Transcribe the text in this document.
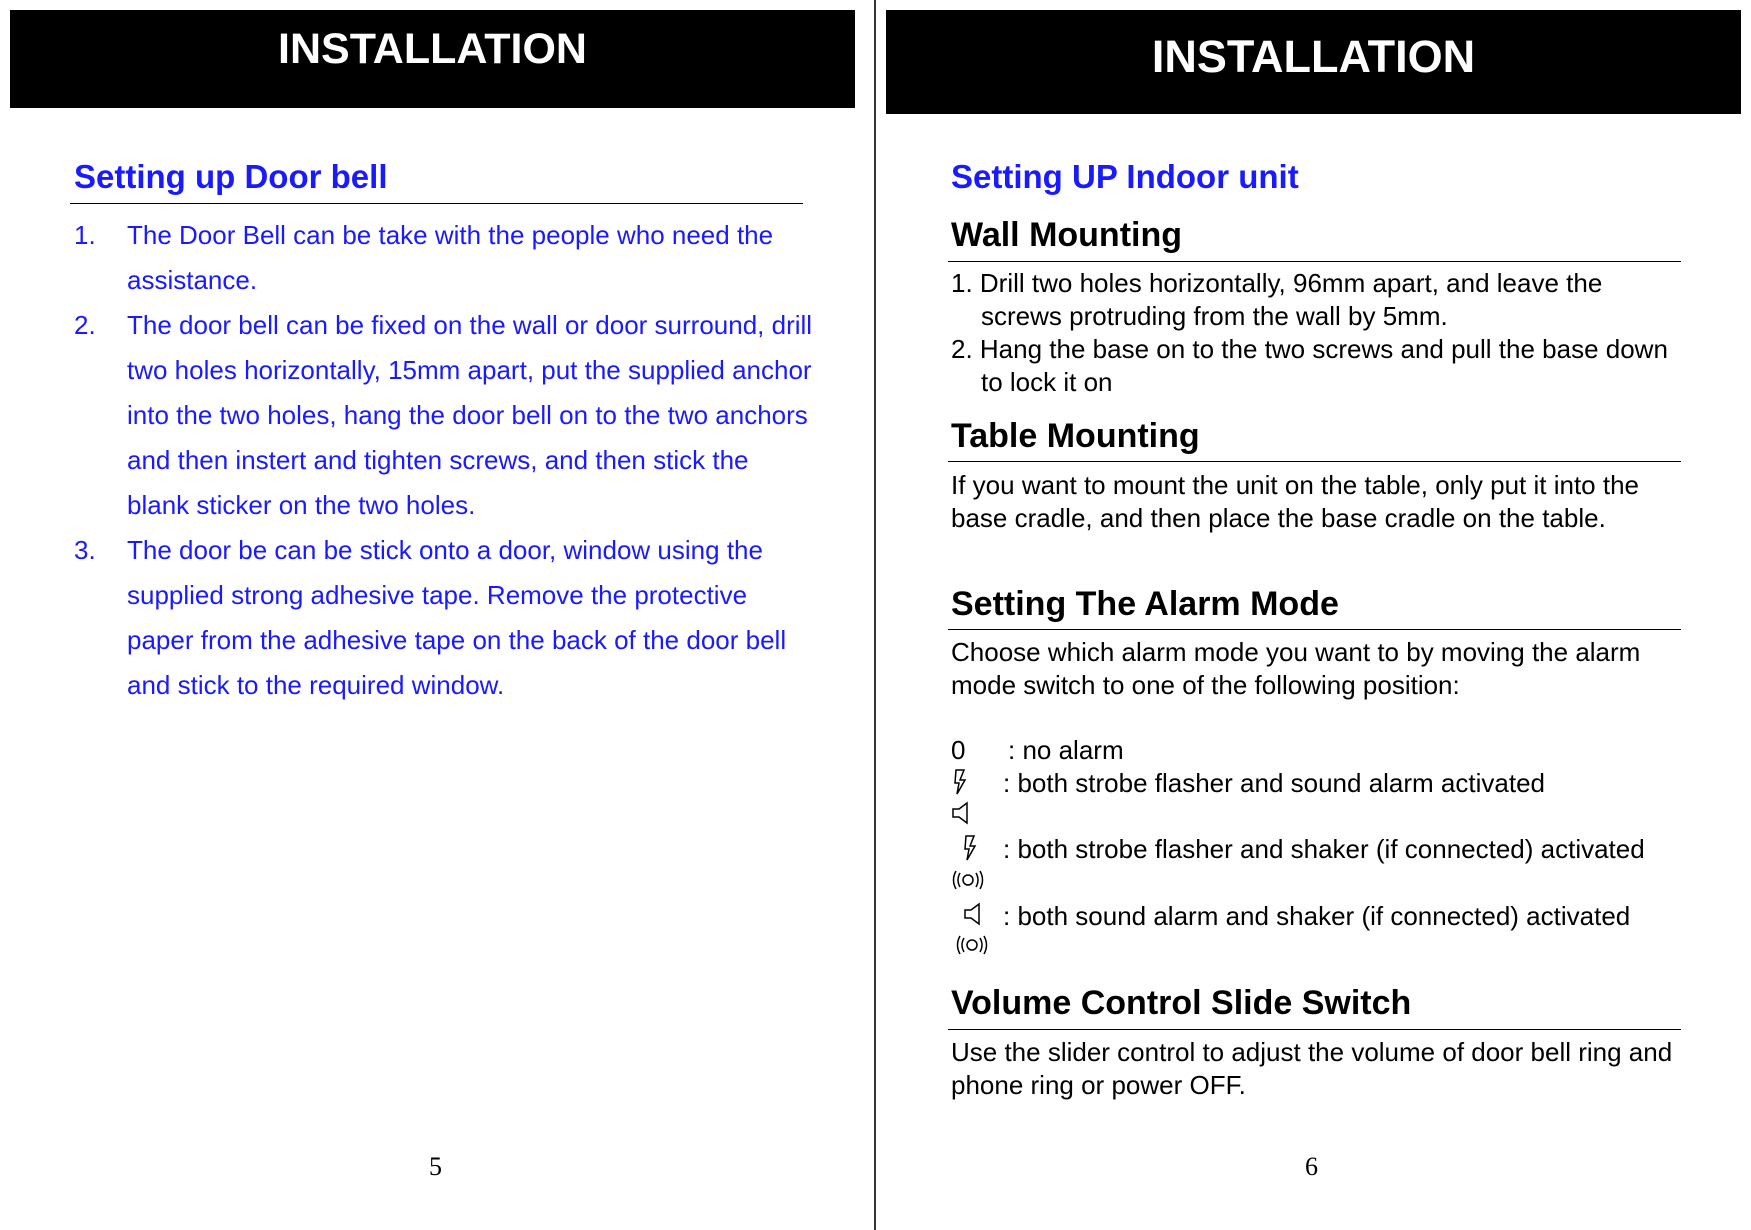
INSTALLATION
Setting up Door bell
1. The Door Bell can be take with the people who need the assistance.
2. The door bell can be fixed on the wall or door surround, drill two holes horizontally, 15mm apart, put the supplied anchor into the two holes, hang the door bell on to the two anchors and then instert and tighten screws, and then stick the blank sticker on the two holes.
3. The door be can be stick onto a door, window using the supplied strong adhesive tape. Remove the protective paper from the adhesive tape on the back of the door bell and stick to the required window.
5
INSTALLATION
Setting UP Indoor unit
Wall Mounting
1. Drill two holes horizontally, 96mm apart, and leave the screws protruding from the wall by 5mm.
2. Hang the base on to the two screws and pull the base down to lock it on
Table Mounting
If you want to mount the unit on the table, only put it into the base cradle, and then place the base cradle on the table.
Setting The Alarm Mode
Choose which alarm mode you want to by moving the alarm mode switch to one of the following position:
0 : no alarm
: both strobe flasher and sound alarm activated
: both strobe flasher and shaker (if connected) activated
: both sound alarm and shaker (if connected) activated
Volume Control Slide Switch
Use the slider control to adjust the volume of door bell ring and phone ring or power OFF.
6
